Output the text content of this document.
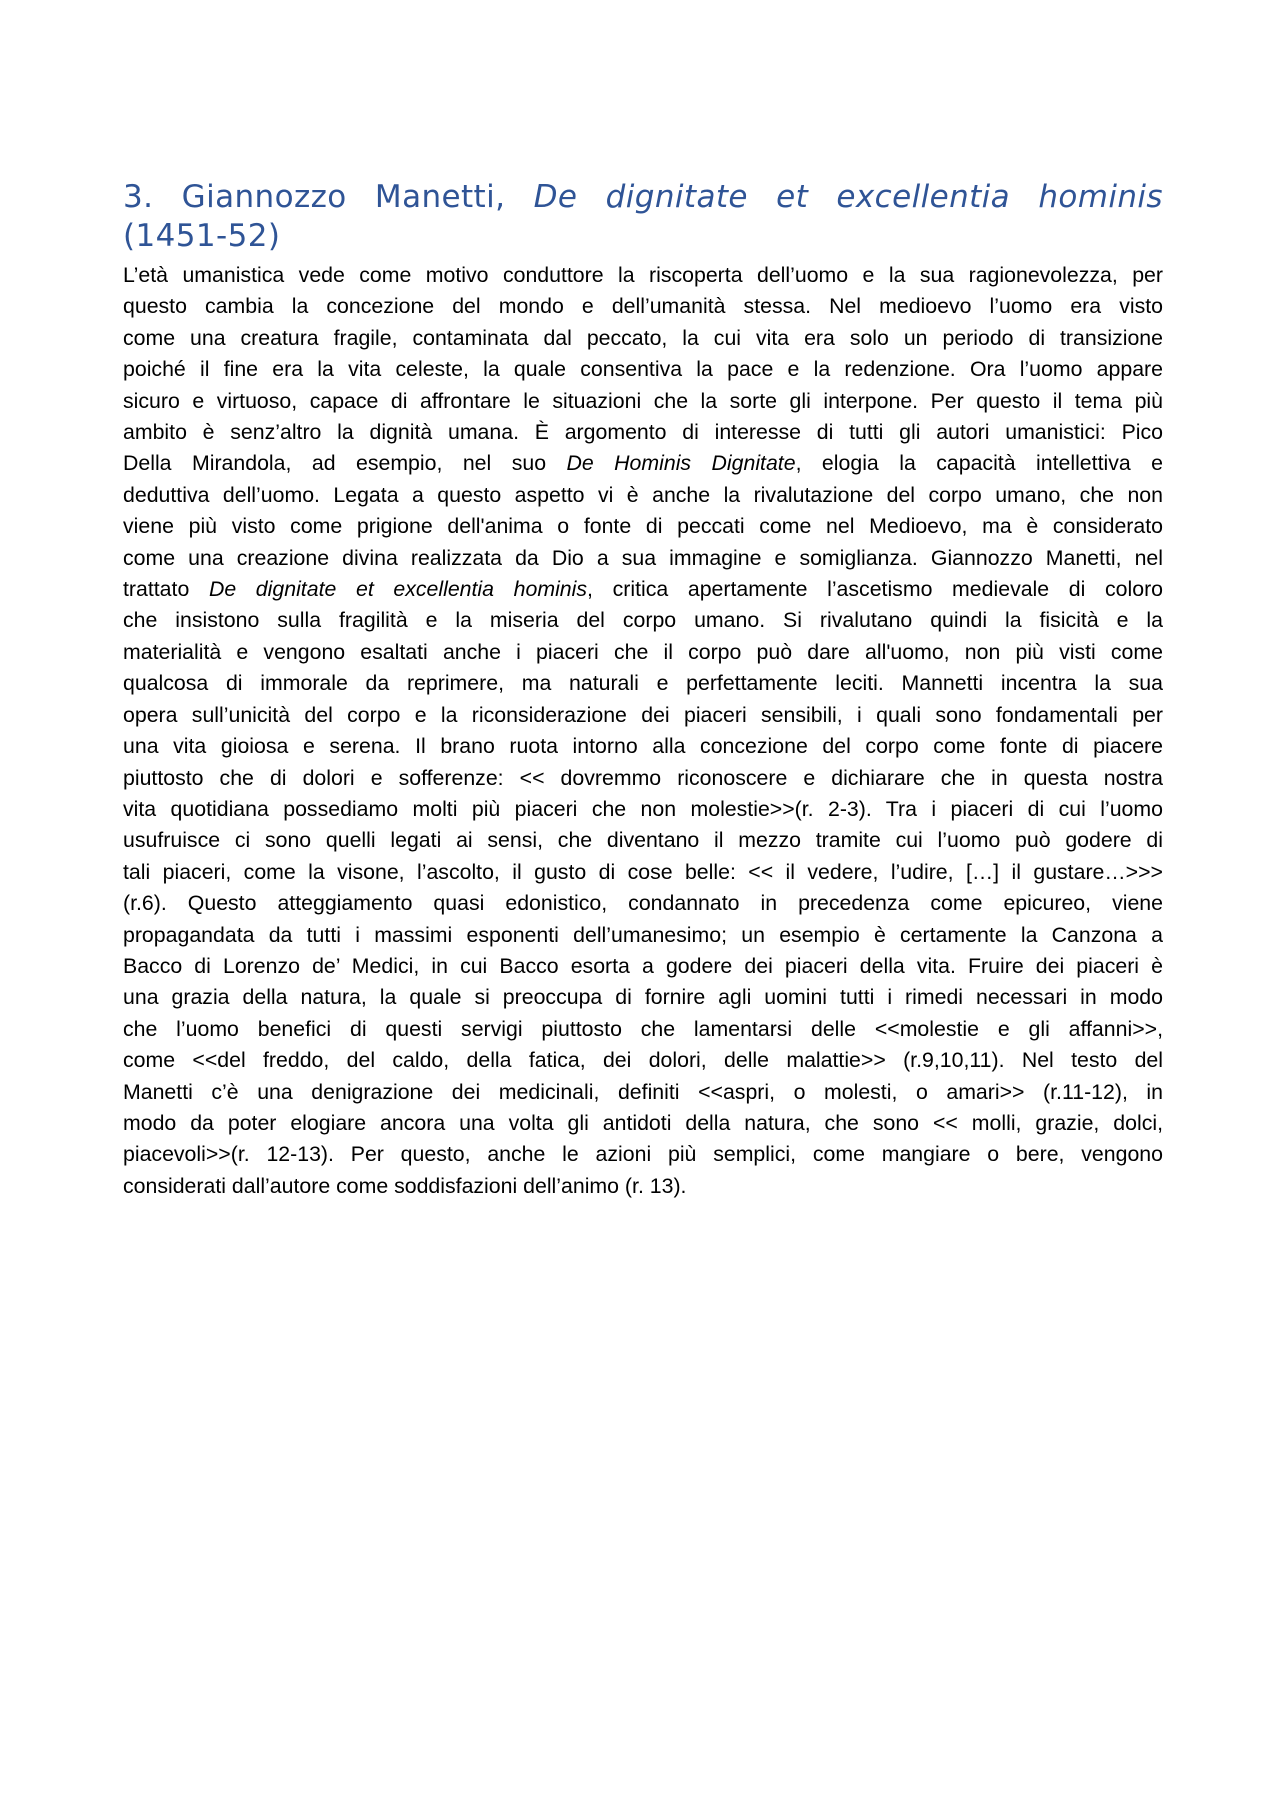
3. Giannozzo Manetti, De dignitate et excellentia hominis
(1451-52)
L’età umanistica vede come motivo conduttore la riscoperta dell’uomo e la sua ragionevolezza, per
questo cambia la concezione del mondo e dell’umanità stessa. Nel medioevo l’uomo era visto
come una creatura fragile, contaminata dal peccato, la cui vita era solo un periodo di transizione
poiché il fine era la vita celeste, la quale consentiva la pace e la redenzione. Ora l’uomo appare
sicuro e virtuoso, capace di affrontare le situazioni che la sorte gli interpone. Per questo il tema più
ambito è senz’altro la dignità umana. È argomento di interesse di tutti gli autori umanistici: Pico
Della Mirandola, ad esempio, nel suo De Hominis Dignitate, elogia la capacità intellettiva e
deduttiva dell’uomo. Legata a questo aspetto vi è anche la rivalutazione del corpo umano, che non
viene più visto come prigione dell'anima o fonte di peccati come nel Medioevo, ma è considerato
come una creazione divina realizzata da Dio a sua immagine e somiglianza. Giannozzo Manetti, nel
trattato De dignitate et excellentia hominis, critica apertamente l’ascetismo medievale di coloro
che insistono sulla fragilità e la miseria del corpo umano. Si rivalutano quindi la fisicità e la
materialità e vengono esaltati anche i piaceri che il corpo può dare all'uomo, non più visti come
qualcosa di immorale da reprimere, ma naturali e perfettamente leciti. Mannetti incentra la sua
opera sull’unicità del corpo e la riconsiderazione dei piaceri sensibili, i quali sono fondamentali per
una vita gioiosa e serena. Il brano ruota intorno alla concezione del corpo come fonte di piacere
piuttosto che di dolori e sofferenze: << dovremmo riconoscere e dichiarare che in questa nostra
vita quotidiana possediamo molti più piaceri che non molestie>>(r. 2-3). Tra i piaceri di cui l’uomo
usufruisce ci sono quelli legati ai sensi, che diventano il mezzo tramite cui l’uomo può godere di
tali piaceri, come la visone, l’ascolto, il gusto di cose belle: << il vedere, l’udire, […] il gustare…>>>
(r.6). Questo atteggiamento quasi edonistico, condannato in precedenza come epicureo, viene
propagandata da tutti i massimi esponenti dell’umanesimo; un esempio è certamente la Canzona a
Bacco di Lorenzo de’ Medici, in cui Bacco esorta a godere dei piaceri della vita. Fruire dei piaceri è
una grazia della natura, la quale si preoccupa di fornire agli uomini tutti i rimedi necessari in modo
che l’uomo benefici di questi servigi piuttosto che lamentarsi delle <<molestie e gli affanni>>,
come <<del freddo, del caldo, della fatica, dei dolori, delle malattie>> (r.9,10,11). Nel testo del
Manetti c’è una denigrazione dei medicinali, definiti <<aspri, o molesti, o amari>> (r.11-12), in
modo da poter elogiare ancora una volta gli antidoti della natura, che sono << molli, grazie, dolci,
piacevoli>>(r. 12-13). Per questo, anche le azioni più semplici, come mangiare o bere, vengono
considerati dall’autore come soddisfazioni dell’animo (r. 13).
